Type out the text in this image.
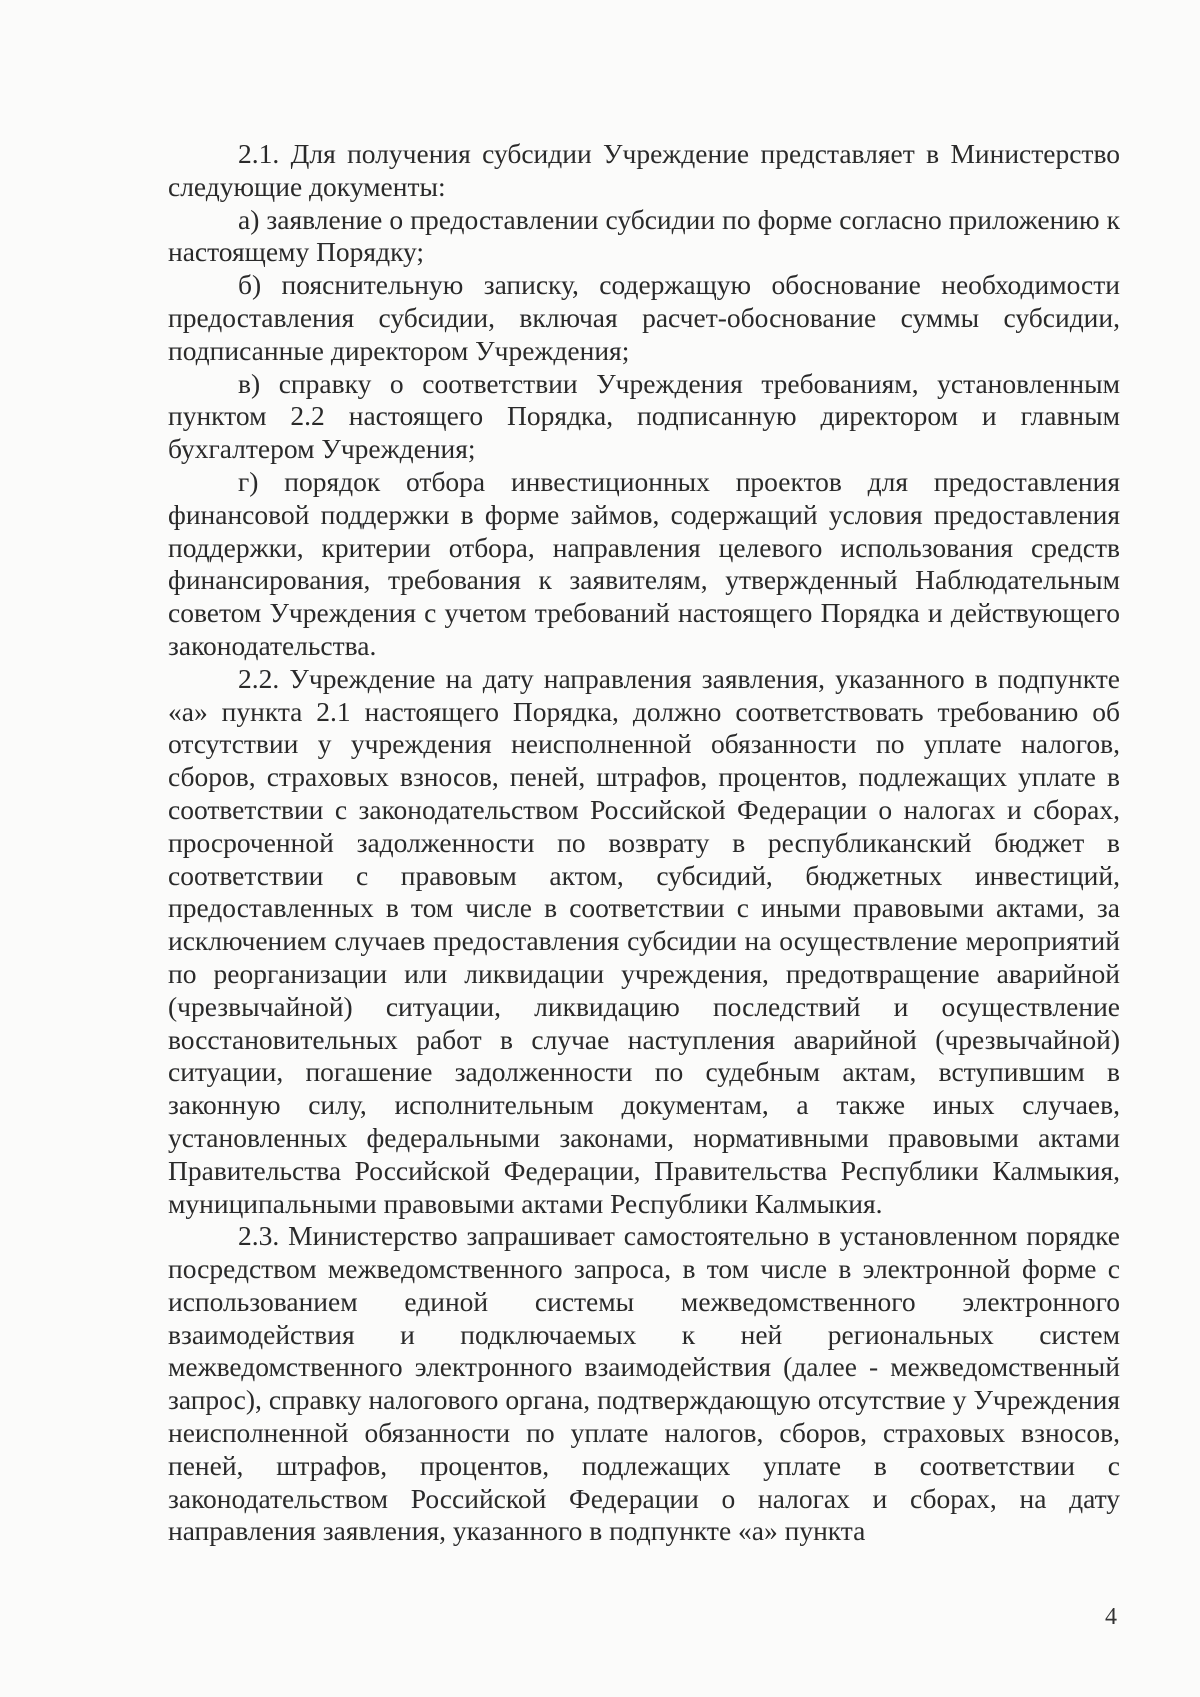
2.1. Для получения субсидии Учреждение представляет в Министерство следующие документы:

а) заявление о предоставлении субсидии по форме согласно приложению к настоящему Порядку;

б) пояснительную записку, содержащую обоснование необходимости предоставления субсидии, включая расчет-обоснование суммы субсидии, подписанные директором Учреждения;

в) справку о соответствии Учреждения требованиям, установленным пунктом 2.2 настоящего Порядка, подписанную директором и главным бухгалтером Учреждения;

г) порядок отбора инвестиционных проектов для предоставления финансовой поддержки в форме займов, содержащий условия предоставления поддержки, критерии отбора, направления целевого использования средств финансирования, требования к заявителям, утвержденный Наблюдательным советом Учреждения с учетом требований настоящего Порядка и действующего законодательства.

2.2. Учреждение на дату направления заявления, указанного в подпункте «а» пункта 2.1 настоящего Порядка, должно соответствовать требованию об отсутствии у учреждения неисполненной обязанности по уплате налогов, сборов, страховых взносов, пеней, штрафов, процентов, подлежащих уплате в соответствии с законодательством Российской Федерации о налогах и сборах, просроченной задолженности по возврату в республиканский бюджет в соответствии с правовым актом, субсидий, бюджетных инвестиций, предоставленных в том числе в соответствии с иными правовыми актами, за исключением случаев предоставления субсидии на осуществление мероприятий по реорганизации или ликвидации учреждения, предотвращение аварийной (чрезвычайной) ситуации, ликвидацию последствий и осуществление восстановительных работ в случае наступления аварийной (чрезвычайной) ситуации, погашение задолженности по судебным актам, вступившим в законную силу, исполнительным документам, а также иных случаев, установленных федеральными законами, нормативными правовыми актами Правительства Российской Федерации, Правительства Республики Калмыкия, муниципальными правовыми актами Республики Калмыкия.

2.3. Министерство запрашивает самостоятельно в установленном порядке посредством межведомственного запроса, в том числе в электронной форме с использованием единой системы межведомственного электронного взаимодействия и подключаемых к ней региональных систем межведомственного электронного взаимодействия (далее - межведомственный запрос), справку налогового органа, подтверждающую отсутствие у Учреждения неисполненной обязанности по уплате налогов, сборов, страховых взносов, пеней, штрафов, процентов, подлежащих уплате в соответствии с законодательством Российской Федерации о налогах и сборах, на дату направления заявления, указанного в подпункте «а» пункта

4
